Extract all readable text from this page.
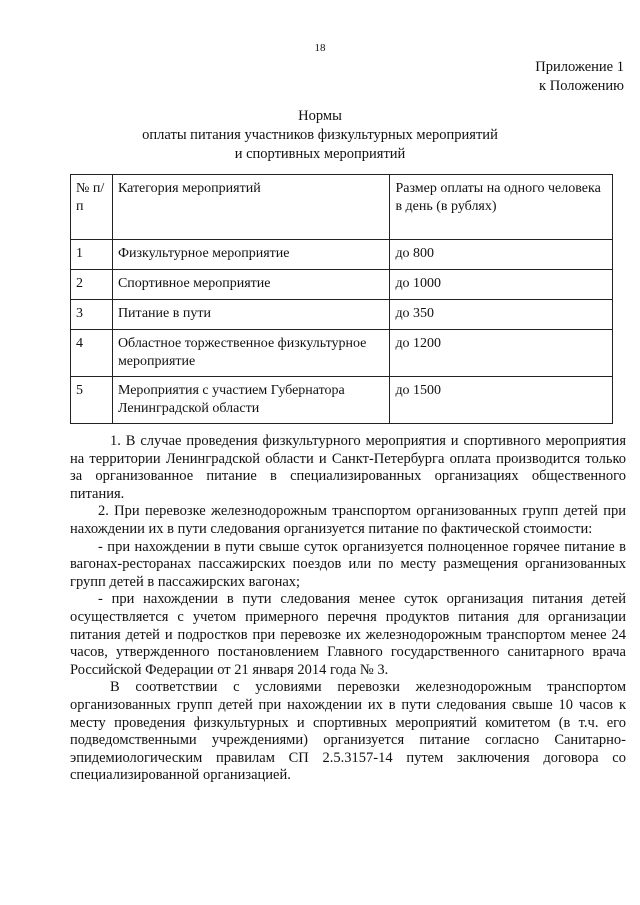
18
Приложение 1
к Положению
Нормы
оплаты питания участников физкультурных мероприятий
и спортивных мероприятий
№ п/п	Категория мероприятий	Размер оплаты на одного человека в день (в рублях)
1	Физкультурное мероприятие	до 800
2	Спортивное мероприятие	до 1000
3	Питание в пути	до 350
4	Областное торжественное физкультурное мероприятие	до 1200
5	Мероприятия с участием Губернатора Ленинградской области	до 1500

1. В случае проведения физкультурного мероприятия и спортивного мероприятия на территории Ленинградской области и Санкт-Петербурга оплата производится только за организованное питание в специализированных организациях общественного питания.

2. При перевозке железнодорожным транспортом организованных групп детей при нахождении их в пути следования организуется питание по фактической стоимости:

- при нахождении в пути свыше суток организуется полноценное горячее питание в вагонах-ресторанах пассажирских поездов или по месту размещения организованных групп детей в пассажирских вагонах;

- при нахождении в пути следования менее суток организация питания детей осуществляется с учетом примерного перечня продуктов питания для организации питания детей и подростков при перевозке их железнодорожным транспортом менее 24 часов, утвержденного постановлением Главного государственного санитарного врача Российской Федерации от 21 января 2014 года № 3.

В соответствии с условиями перевозки железнодорожным транспортом организованных групп детей при нахождении их в пути следования свыше 10 часов к месту проведения физкультурных и спортивных мероприятий комитетом (в т.ч. его подведомственными учреждениями) организуется питание согласно Санитарно-эпидемиологическим правилам СП 2.5.3157-14 путем заключения договора со специализированной организацией.
